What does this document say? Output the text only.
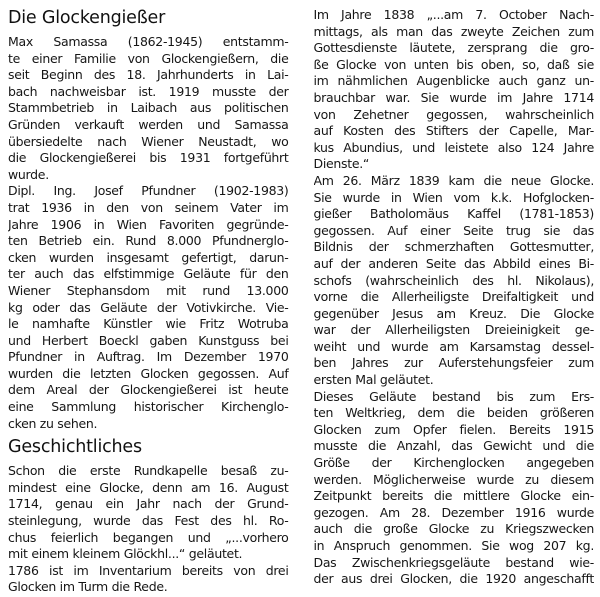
Die Glockengießer
Max Samassa (1862-1945) entstamm-
te einer Familie von Glockengießern, die
seit Beginn des 18. Jahrhunderts in Lai-
bach nachweisbar ist. 1919 musste der
Stammbetrieb in Laibach aus politischen
Gründen verkauft werden und Samassa
übersiedelte nach Wiener Neustadt, wo
die Glockengießerei bis 1931 fortgeführt
wurde.
Dipl. Ing. Josef Pfundner (1902-1983)
trat 1936 in den von seinem Vater im
Jahre 1906 in Wien Favoriten gegründe-
ten Betrieb ein. Rund 8.000 Pfundnerglo-
cken wurden insgesamt gefertigt, darun-
ter auch das elfstimmige Geläute für den
Wiener Stephansdom mit rund 13.000
kg oder das Geläute der Votivkirche. Vie-
le namhafte Künstler wie Fritz Wotruba
und Herbert Boeckl gaben Kunstguss bei
Pfundner in Auftrag. Im Dezember 1970
wurden die letzten Glocken gegossen. Auf
dem Areal der Glockengießerei ist heute
eine Sammlung historischer Kirchenglo-
cken zu sehen.
Geschichtliches
Schon die erste Rundkapelle besaß zu-
mindest eine Glocke, denn am 16. August
1714, genau ein Jahr nach der Grund-
steinlegung, wurde das Fest des hl. Ro-
chus feierlich begangen und „...vorhero
mit einem kleinem Glöckhl...“ geläutet.
1786 ist im Inventarium bereits von drei
Glocken im Turm die Rede.
Im Jahre 1838 „...am 7. October Nach-
mittags, als man das zweyte Zeichen zum
Gottesdienste läutete, zersprang die gro-
ße Glocke von unten bis oben, so, daß sie
im nähmlichen Augenblicke auch ganz un-
brauchbar war. Sie wurde im Jahre 1714
von Zehetner gegossen, wahrscheinlich
auf Kosten des Stifters der Capelle, Mar-
kus Abundius, und leistete also 124 Jahre
Dienste.“
Am 26. März 1839 kam die neue Glocke.
Sie wurde in Wien vom k.k. Hofglocken-
gießer Batholomäus Kaffel (1781-1853)
gegossen. Auf einer Seite trug sie das
Bildnis der schmerzhaften Gottesmutter,
auf der anderen Seite das Abbild eines Bi-
schofs (wahrscheinlich des hl. Nikolaus),
vorne die Allerheiligste Dreifaltigkeit und
gegenüber Jesus am Kreuz. Die Glocke
war der Allerheiligsten Dreieinigkeit ge-
weiht und wurde am Karsamstag dessel-
ben Jahres zur Auferstehungsfeier zum
ersten Mal geläutet.
Dieses Geläute bestand bis zum Ers-
ten Weltkrieg, dem die beiden größeren
Glocken zum Opfer fielen. Bereits 1915
musste die Anzahl, das Gewicht und die
Größe der Kirchenglocken angegeben
werden. Möglicherweise wurde zu diesem
Zeitpunkt bereits die mittlere Glocke ein-
gezogen. Am 28. Dezember 1916 wurde
auch die große Glocke zu Kriegszwecken
in Anspruch genommen. Sie wog 207 kg.
Das Zwischenkriegsgeläute bestand wie-
der aus drei Glocken, die 1920 angeschafft
